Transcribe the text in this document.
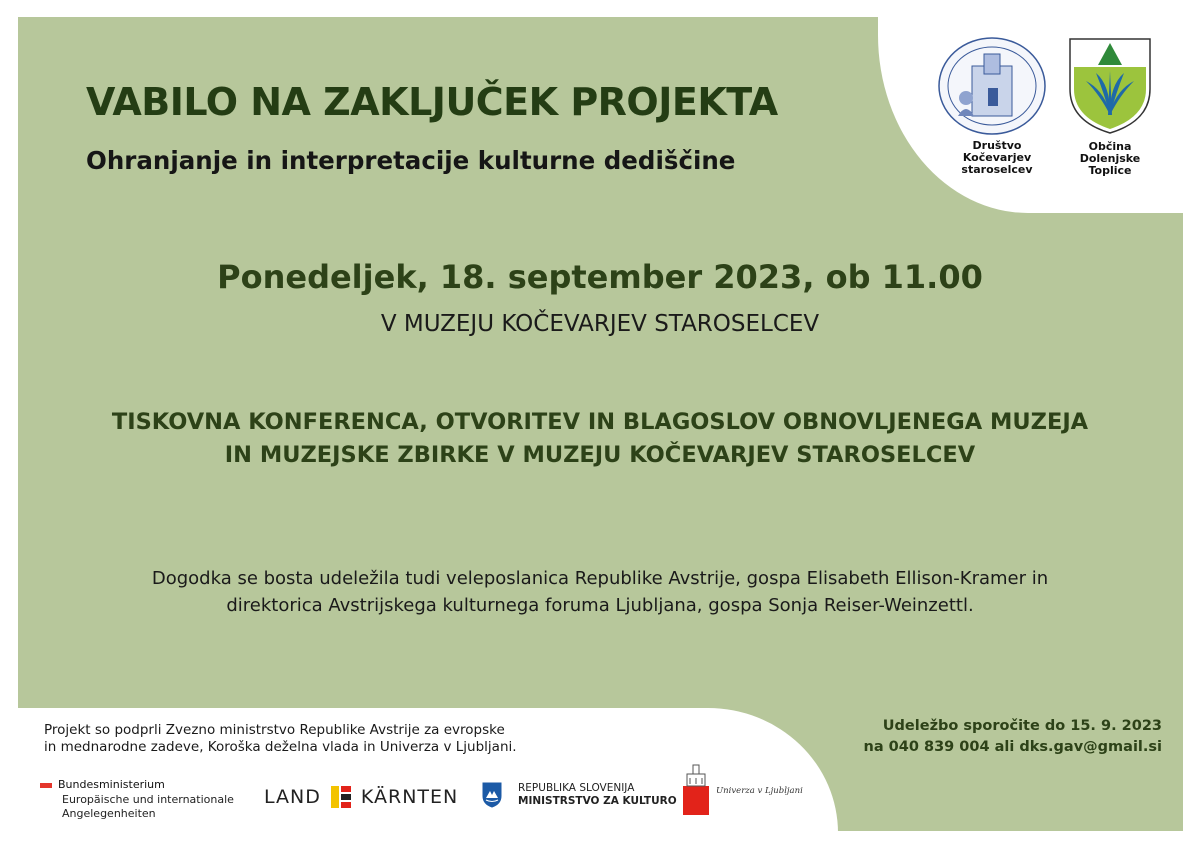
Društvo
Kočevarjev
staroselcev
Občina
Dolenjske
Toplice
VABILO NA ZAKLJUČEK PROJEKTA
Ohranjanje in interpretacije kulturne dediščine
Ponedeljek, 18. september 2023, ob 11.00
V MUZEJU KOČEVARJEV STAROSELCEV
TISKOVNA KONFERENCA, OTVORITEV IN BLAGOSLOV OBNOVLJENEGA MUZEJA
IN MUZEJSKE ZBIRKE V MUZEJU KOČEVARJEV STAROSELCEV
Dogodka se bosta udeležila tudi veleposlanica Republike Avstrije, gospa Elisabeth Ellison-Kramer in
direktorica Avstrijskega kulturnega foruma Ljubljana, gospa Sonja Reiser-Weinzettl.
Projekt so podprli Zvezno ministrstvo Republike Avstrije za evropske
in mednarodne zadeve, Koroška deželna vlada in Univerza v Ljubljani.
Udeležbo sporočite do 15. 9. 2023
na 040 839 004 ali dks.gav@gmail.si
Bundesministerium
Europäische und internationale
Angelegenheiten
LAND KÄRNTEN	REPUBLIKA SLOVENIJA
MINISTRSTVO ZA KULTURO
Univerza v Ljubljani
